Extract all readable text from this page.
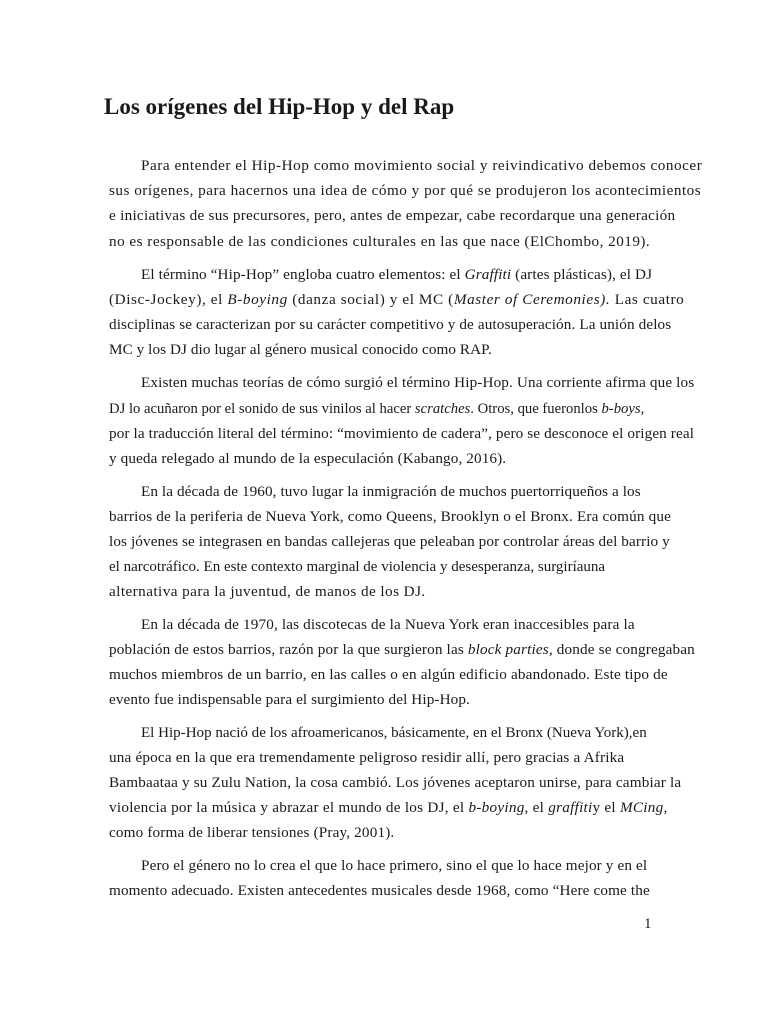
Los orígenes del Hip-Hop y del Rap
Para entender el Hip-Hop como movimiento social y reivindicativo debemos conocer
sus orígenes, para hacernos una idea de cómo y por qué se produjeron los acontecimientos
e iniciativas de sus precursores, pero, antes de empezar, cabe recordarque una generación
no es responsable de las condiciones culturales en las que nace (ElChombo, 2019).
El término “Hip-Hop” engloba cuatro elementos: el Graffiti (artes plásticas), el DJ
(Disc-Jockey), el B-boying (danza social) y el MC (Master of Ceremonies). Las cuatro
disciplinas se caracterizan por su carácter competitivo y de autosuperación. La unión delos
MC y los DJ dio lugar al género musical conocido como RAP.
Existen muchas teorías de cómo surgió el término Hip-Hop. Una corriente afirma que los
DJ lo acuñaron por el sonido de sus vinilos al hacer scratches. Otros, que fueronlos b-boys,
por la traducción literal del término: “movimiento de cadera”, pero se desconoce el origen real
y queda relegado al mundo de la especulación (Kabango, 2016).
En la década de 1960, tuvo lugar la inmigración de muchos puertorriqueños a los
barrios de la periferia de Nueva York, como Queens, Brooklyn o el Bronx. Era común que
los jóvenes se integrasen en bandas callejeras que peleaban por controlar áreas del barrio y
el narcotráfico. En este contexto marginal de violencia y desesperanza, surgiríauna
alternativa para la juventud, de manos de los DJ.
En la década de 1970, las discotecas de la Nueva York eran inaccesibles para la
población de estos barrios, razón por la que surgieron las block parties, donde se congregaban
muchos miembros de un barrio, en las calles o en algún edificio abandonado. Este tipo de
evento fue indispensable para el surgimiento del Hip-Hop.
El Hip-Hop nació de los afroamericanos, básicamente, en el Bronx (Nueva York),en
una época en la que era tremendamente peligroso residir allí, pero gracias a Afrika
Bambaataa y su Zulu Nation, la cosa cambió. Los jóvenes aceptaron unirse, para cambiar la
violencia por la música y abrazar el mundo de los DJ, el b-boying, el graffitiy el MCing,
como forma de liberar tensiones (Pray, 2001).
Pero el género no lo crea el que lo hace primero, sino el que lo hace mejor y en el
momento adecuado. Existen antecedentes musicales desde 1968, como “Here come the
1
